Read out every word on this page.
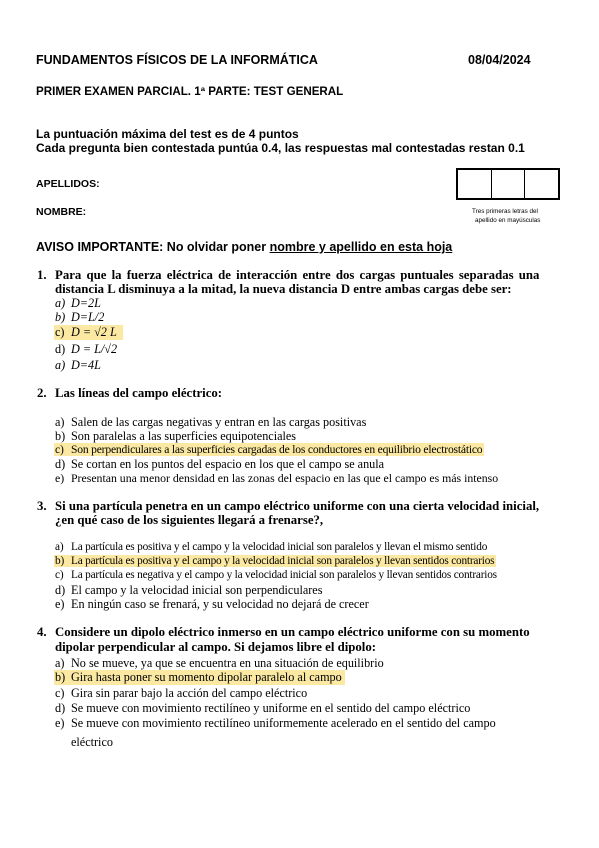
FUNDAMENTOS FÍSICOS DE LA INFORMÁTICA	08/04/2024
PRIMER EXAMEN PARCIAL. 1ª PARTE: TEST GENERAL
La puntuación máxima del test es de 4 puntos
Cada pregunta bien contestada puntúa 0.4, las respuestas mal contestadas restan 0.1
APELLIDOS:
NOMBRE:	Tres primeras letras del
apellido en mayúsculas
AVISO IMPORTANTE: No olvidar poner nombre y apellido en esta hoja
1. Para que la fuerza eléctrica de interacción entre dos cargas puntuales separadas una
distancia L disminuya a la mitad, la nueva distancia D entre ambas cargas debe ser:
a) D=2L
b) D=L/2
c) D = √2 L
d) D = L/√2
a) D=4L
2. Las líneas del campo eléctrico:
a) Salen de las cargas negativas y entran en las cargas positivas
b) Son paralelas a las superficies equipotenciales
c) Son perpendiculares a las superficies cargadas de los conductores en equilibrio electrostático
d) Se cortan en los puntos del espacio en los que el campo se anula
e) Presentan una menor densidad en las zonas del espacio en las que el campo es más intenso
3. Si una partícula penetra en un campo eléctrico uniforme con una cierta velocidad inicial,
¿en qué caso de los siguientes llegará a frenarse?,
a) La partícula es positiva y el campo y la velocidad inicial son paralelos y llevan el mismo sentido
b) La partícula es positiva y el campo y la velocidad inicial son paralelos y llevan sentidos contrarios
c) La partícula es negativa y el campo y la velocidad inicial son paralelos y llevan sentidos contrarios
d) El campo y la velocidad inicial son perpendiculares
e) En ningún caso se frenará, y su velocidad no dejará de crecer
4. Considere un dipolo eléctrico inmerso en un campo eléctrico uniforme con su momento
dipolar perpendicular al campo. Si dejamos libre el dipolo:
a) No se mueve, ya que se encuentra en una situación de equilibrio
b) Gira hasta poner su momento dipolar paralelo al campo
c) Gira sin parar bajo la acción del campo eléctrico
d) Se mueve con movimiento rectilíneo y uniforme en el sentido del campo eléctrico
e) Se mueve con movimiento rectilíneo uniformemente acelerado en el sentido del campo
eléctrico
